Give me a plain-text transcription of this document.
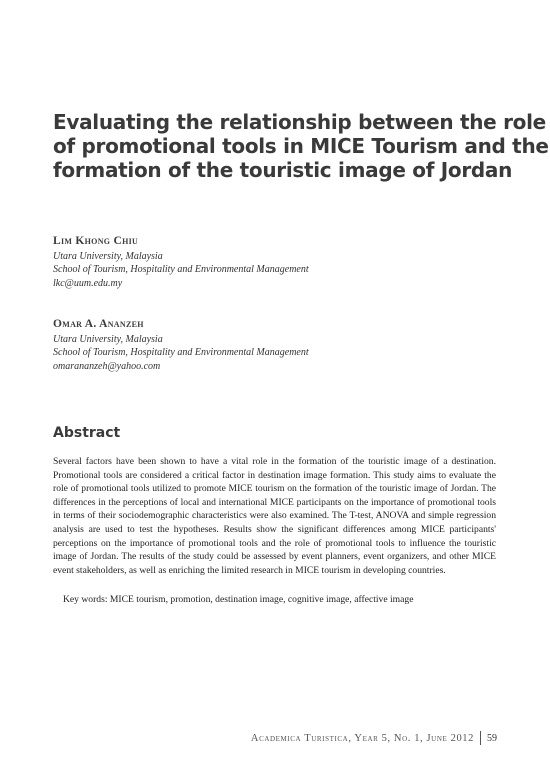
Evaluating the relationship between the role
of promotional tools in MICE Tourism and the
formation of the touristic image of Jordan
Lim Khong Chiu
Utara University, Malaysia
School of Tourism, Hospitality and Environmental Management
lkc@uum.edu.my
Omar A. Ananzeh
Utara University, Malaysia
School of Tourism, Hospitality and Environmental Management
omarananzeh@yahoo.com
Abstract
Several factors have been shown to have a vital role in the formation of the touristic image of a destination. Promotional tools are considered a critical factor in destination image formation. This study aims to evaluate the role of promotional tools utilized to promote MICE tourism on the formation of the touristic image of Jordan. The differences in the perceptions of local and international MICE participants on the importance of promotional tools in terms of their sociodemographic characteristics were also examined. The T-test, ANOVA and simple regression analysis are used to test the hypotheses. Results show the significant differences among MICE participants' perceptions on the importance of promotional tools and the role of promotional tools to influence the touristic image of Jordan. The results of the study could be assessed by event planners, event organizers, and other MICE event stakeholders, as well as enriching the limited research in MICE tourism in developing countries.
Key words: MICE tourism, promotion, destination image, cognitive image, affective image
Academica Turistica, Year 5, No. 1, June 2012 59
